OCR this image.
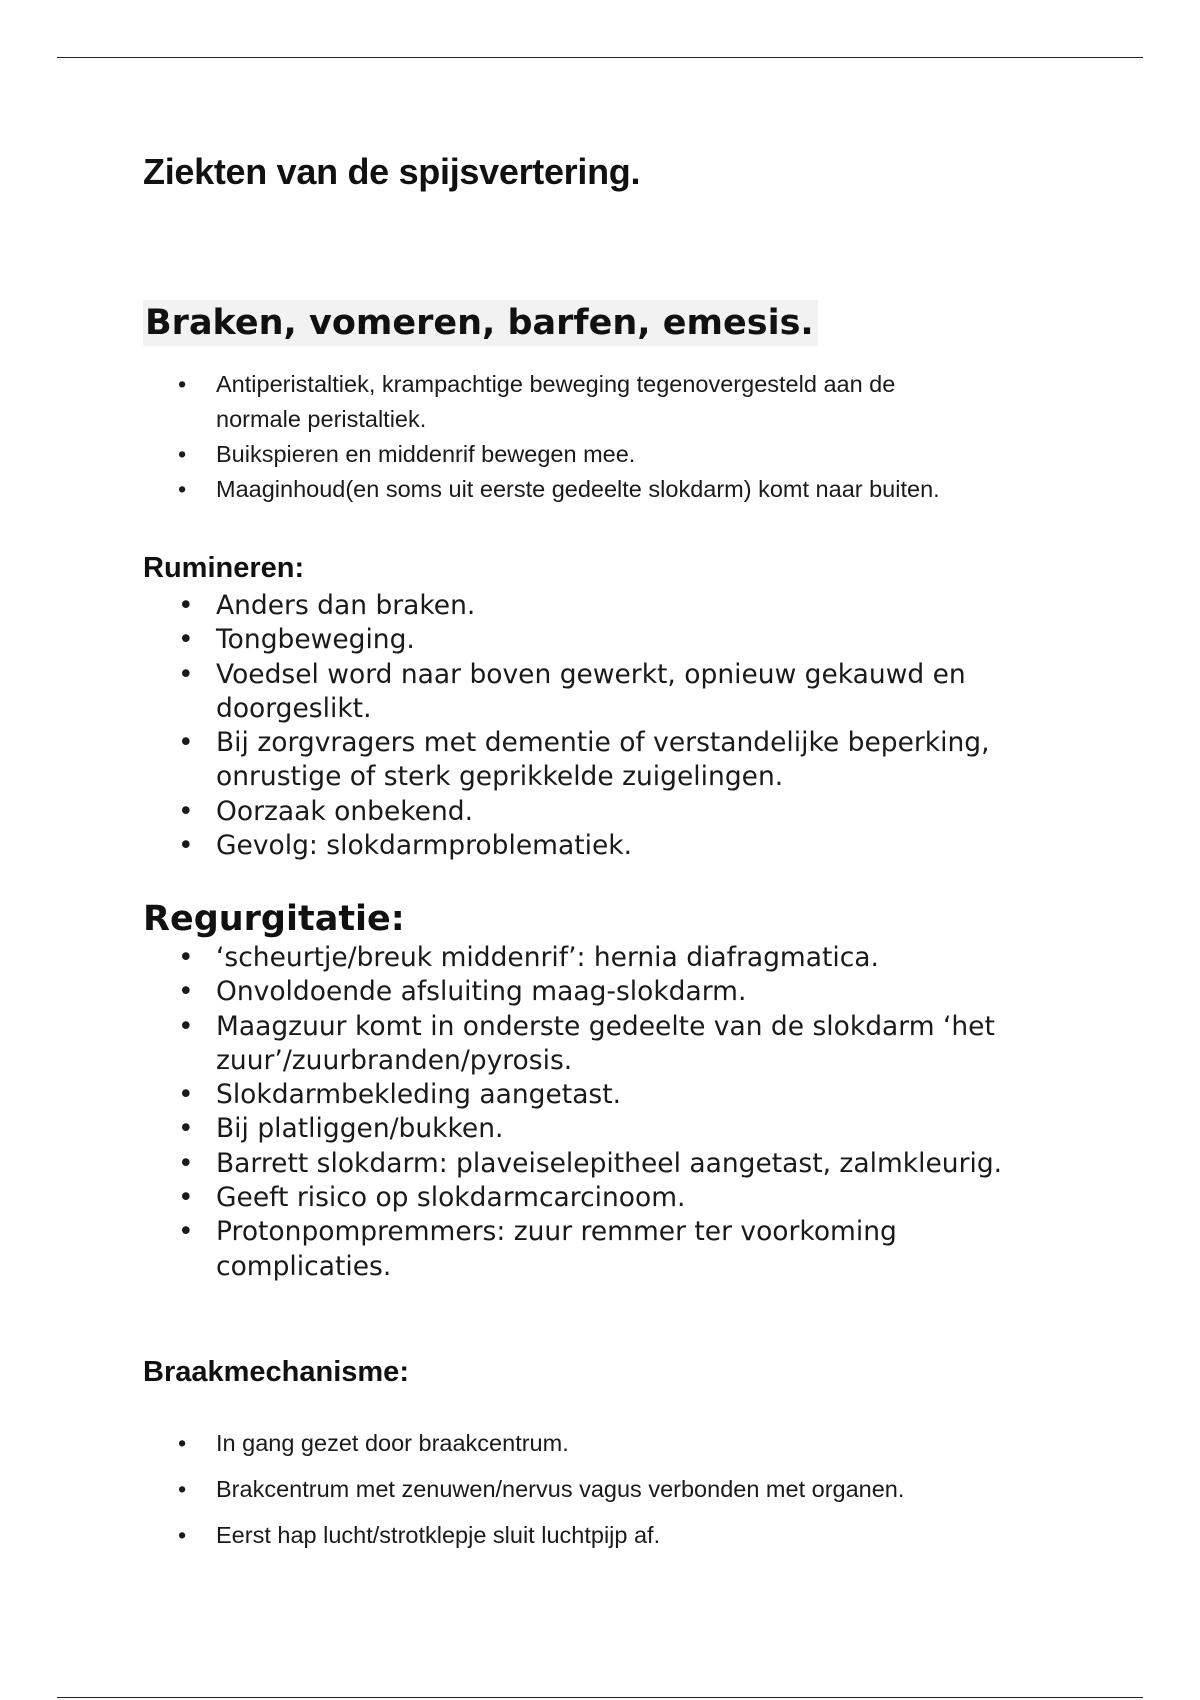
Ziekten van de spijsvertering.
Braken, vomeren, barfen, emesis.
• Antiperistaltiek, krampachtige beweging tegenovergesteld aan de normale peristaltiek.
• Buikspieren en middenrif bewegen mee.
• Maaginhoud(en soms uit eerste gedeelte slokdarm) komt naar buiten.
Rumineren:
• Anders dan braken.
• Tongbeweging.
• Voedsel word naar boven gewerkt, opnieuw gekauwd en doorgeslikt.
• Bij zorgvragers met dementie of verstandelijke beperking, onrustige of sterk geprikkelde zuigelingen.
• Oorzaak onbekend.
• Gevolg: slokdarmproblematiek.
Regurgitatie:
• ‘scheurtje/breuk middenrif’: hernia diafragmatica.
• Onvoldoende afsluiting maag-slokdarm.
• Maagzuur komt in onderste gedeelte van de slokdarm ‘het zuur’/zuurbranden/pyrosis.
• Slokdarmbekleding aangetast.
• Bij platliggen/bukken.
• Barrett slokdarm: plaveiselepitheel aangetast, zalmkleurig.
• Geeft risico op slokdarmcarcinoom.
• Protonpompremmers: zuur remmer ter voorkoming complicaties.
Braakmechanisme:
• In gang gezet door braakcentrum.
• Brakcentrum met zenuwen/nervus vagus verbonden met organen.
• Eerst hap lucht/strotklepje sluit luchtpijp af.
